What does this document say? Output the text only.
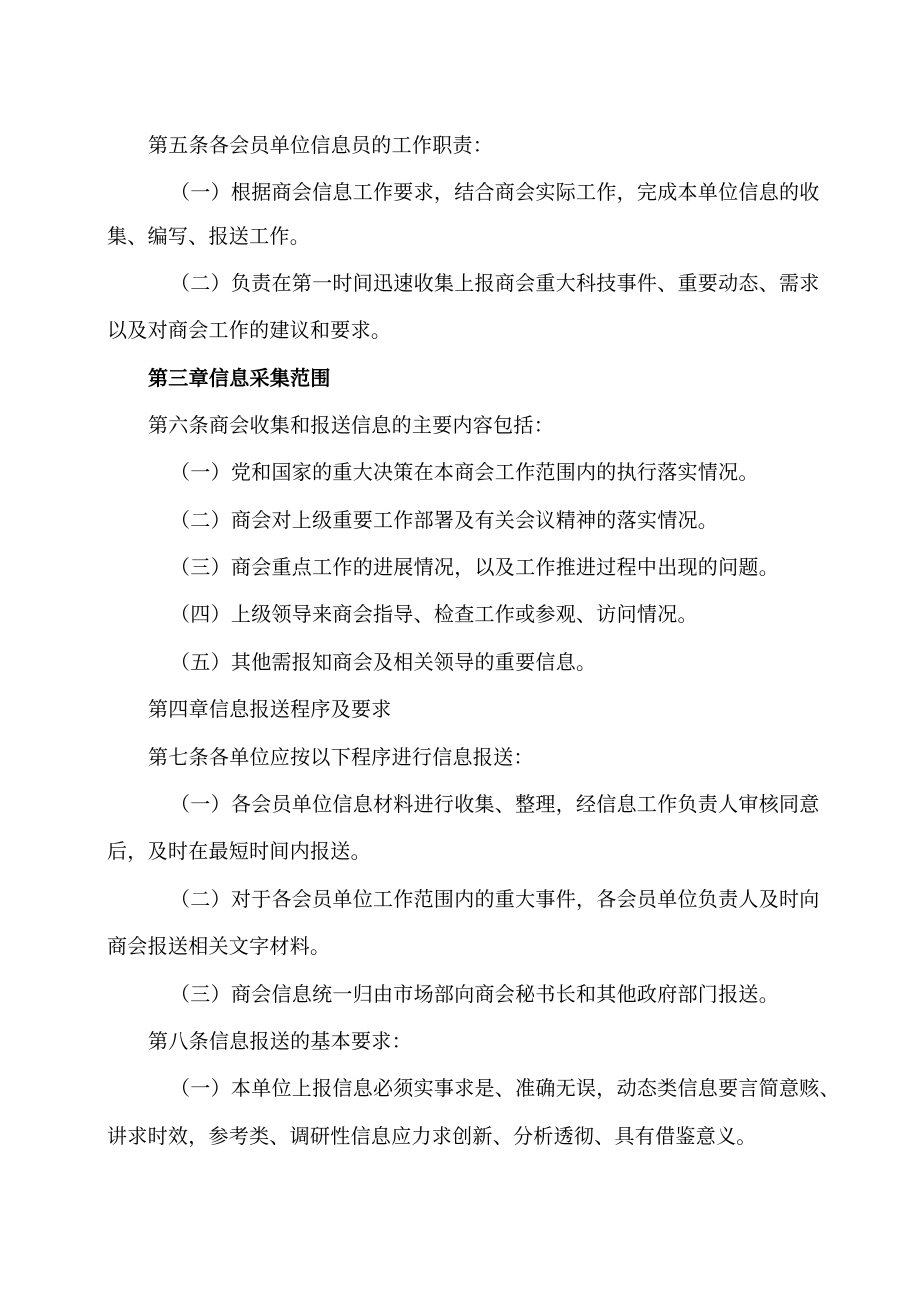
第五条各会员单位信息员的工作职责：
（一）根据商会信息工作要求，结合商会实际工作，完成本单位信息的收
集、编写、报送工作。
（二）负责在第一时间迅速收集上报商会重大科技事件、重要动态、需求
以及对商会工作的建议和要求。
第三章信息采集范围
第六条商会收集和报送信息的主要内容包括：
（一）党和国家的重大决策在本商会工作范围内的执行落实情况。
（二）商会对上级重要工作部署及有关会议精神的落实情况。
（三）商会重点工作的进展情况，以及工作推进过程中出现的问题。
（四）上级领导来商会指导、检查工作或参观、访问情况。
（五）其他需报知商会及相关领导的重要信息。
第四章信息报送程序及要求
第七条各单位应按以下程序进行信息报送：
（一）各会员单位信息材料进行收集、整理，经信息工作负责人审核同意
后，及时在最短时间内报送。
（二）对于各会员单位工作范围内的重大事件，各会员单位负责人及时向
商会报送相关文字材料。
（三）商会信息统一归由市场部向商会秘书长和其他政府部门报送。
第八条信息报送的基本要求：
（一）本单位上报信息必须实事求是、准确无误，动态类信息要言简意赅、
讲求时效，参考类、调研性信息应力求创新、分析透彻、具有借鉴意义。
